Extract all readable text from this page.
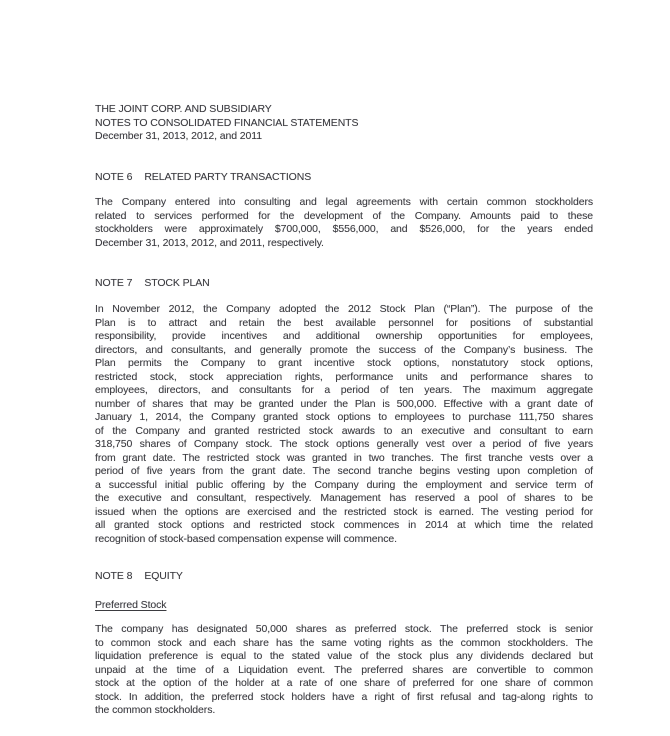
THE JOINT CORP. AND SUBSIDIARY
NOTES TO CONSOLIDATED FINANCIAL STATEMENTS
December 31, 2013, 2012, and 2011
NOTE 6 RELATED PARTY TRANSACTIONS
The Company entered into consulting and legal agreements with certain common stockholders
related to services performed for the development of the Company. Amounts paid to these
stockholders were approximately $700,000, $556,000, and $526,000, for the years ended
December 31, 2013, 2012, and 2011, respectively.
NOTE 7 STOCK PLAN
In November 2012, the Company adopted the 2012 Stock Plan (“Plan”). The purpose of the
Plan is to attract and retain the best available personnel for positions of substantial
responsibility, provide incentives and additional ownership opportunities for employees,
directors, and consultants, and generally promote the success of the Company’s business. The
Plan permits the Company to grant incentive stock options, nonstatutory stock options,
restricted stock, stock appreciation rights, performance units and performance shares to
employees, directors, and consultants for a period of ten years. The maximum aggregate
number of shares that may be granted under the Plan is 500,000. Effective with a grant date of
January 1, 2014, the Company granted stock options to employees to purchase 111,750 shares
of the Company and granted restricted stock awards to an executive and consultant to earn
318,750 shares of Company stock. The stock options generally vest over a period of five years
from grant date. The restricted stock was granted in two tranches. The first tranche vests over a
period of five years from the grant date. The second tranche begins vesting upon completion of
a successful initial public offering by the Company during the employment and service term of
the executive and consultant, respectively. Management has reserved a pool of shares to be
issued when the options are exercised and the restricted stock is earned. The vesting period for
all granted stock options and restricted stock commences in 2014 at which time the related
recognition of stock-based compensation expense will commence.
NOTE 8 EQUITY
Preferred Stock
The company has designated 50,000 shares as preferred stock. The preferred stock is senior
to common stock and each share has the same voting rights as the common stockholders. The
liquidation preference is equal to the stated value of the stock plus any dividends declared but
unpaid at the time of a Liquidation event. The preferred shares are convertible to common
stock at the option of the holder at a rate of one share of preferred for one share of common
stock. In addition, the preferred stock holders have a right of first refusal and tag-along rights to
the common stockholders.
